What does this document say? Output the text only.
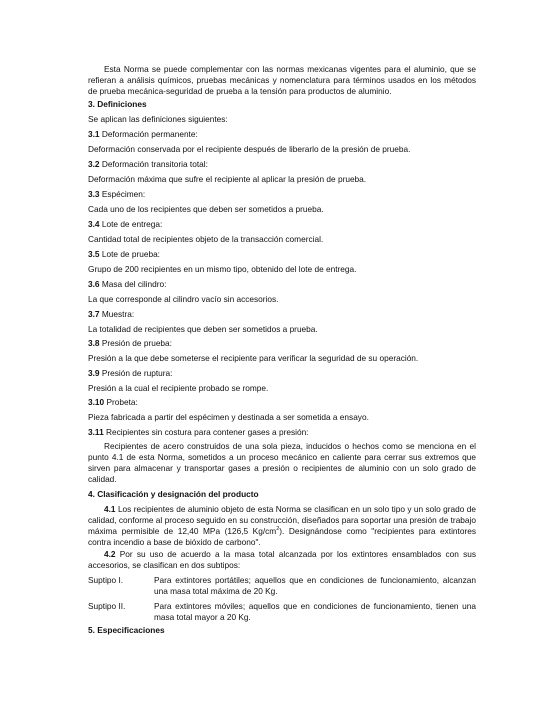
Esta Norma se puede complementar con las normas mexicanas vigentes para el aluminio, que se refieran a análisis químicos, pruebas mecánicas y nomenclatura para términos usados en los métodos de prueba mecánica-seguridad de prueba a la tensión para productos de aluminio.

3. Definiciones

Se aplican las definiciones siguientes:

3.1 Deformación permanente:

Deformación conservada por el recipiente después de liberarlo de la presión de prueba.

3.2 Deformación transitoria total:

Deformación máxima que sufre el recipiente al aplicar la presión de prueba.

3.3 Espécimen:

Cada uno de los recipientes que deben ser sometidos a prueba.

3.4 Lote de entrega:

Cantidad total de recipientes objeto de la transacción comercial.

3.5 Lote de prueba:

Grupo de 200 recipientes en un mismo tipo, obtenido del lote de entrega.

3.6 Masa del cilindro:

La que corresponde al cilindro vacío sin accesorios.

3.7 Muestra:

La totalidad de recipientes que deben ser sometidos a prueba.

3.8 Presión de prueba:

Presión a la que debe someterse el recipiente para verificar la seguridad de su operación.

3.9 Presión de ruptura:

Presión a la cual el recipiente probado se rompe.

3.10 Probeta:

Pieza fabricada a partir del espécimen y destinada a ser sometida a ensayo.

3.11 Recipientes sin costura para contener gases a presión:

Recipientes de acero construidos de una sola pieza, inducidos o hechos como se menciona en el punto 4.1 de esta Norma, sometidos a un proceso mecánico en caliente para cerrar sus extremos que sirven para almacenar y transportar gases a presión o recipientes de aluminio con un solo grado de calidad.

4. Clasificación y designación del producto

4.1 Los recipientes de aluminio objeto de esta Norma se clasifican en un solo tipo y un solo grado de calidad, conforme al proceso seguido en su construcción, diseñados para soportar una presión de trabajo máxima permisible de 12,40 MPa (126,5 $Kg/cm^2$). Designándose como "recipientes para extintores contra incendio a base de bióxido de carbono".

4.2 Por su uso de acuerdo a la masa total alcanzada por los extintores ensamblados con sus accesorios, se clasifican en dos subtipos:

Suptipo I.	Para extintores portátiles; aquellos que en condiciones de funcionamiento, alcanzan una masa total máxima de 20 Kg.

Suptipo II.	Para extintores móviles; aquellos que en condiciones de funcionamiento, tienen una masa total mayor a 20 Kg.

5. Especificaciones
